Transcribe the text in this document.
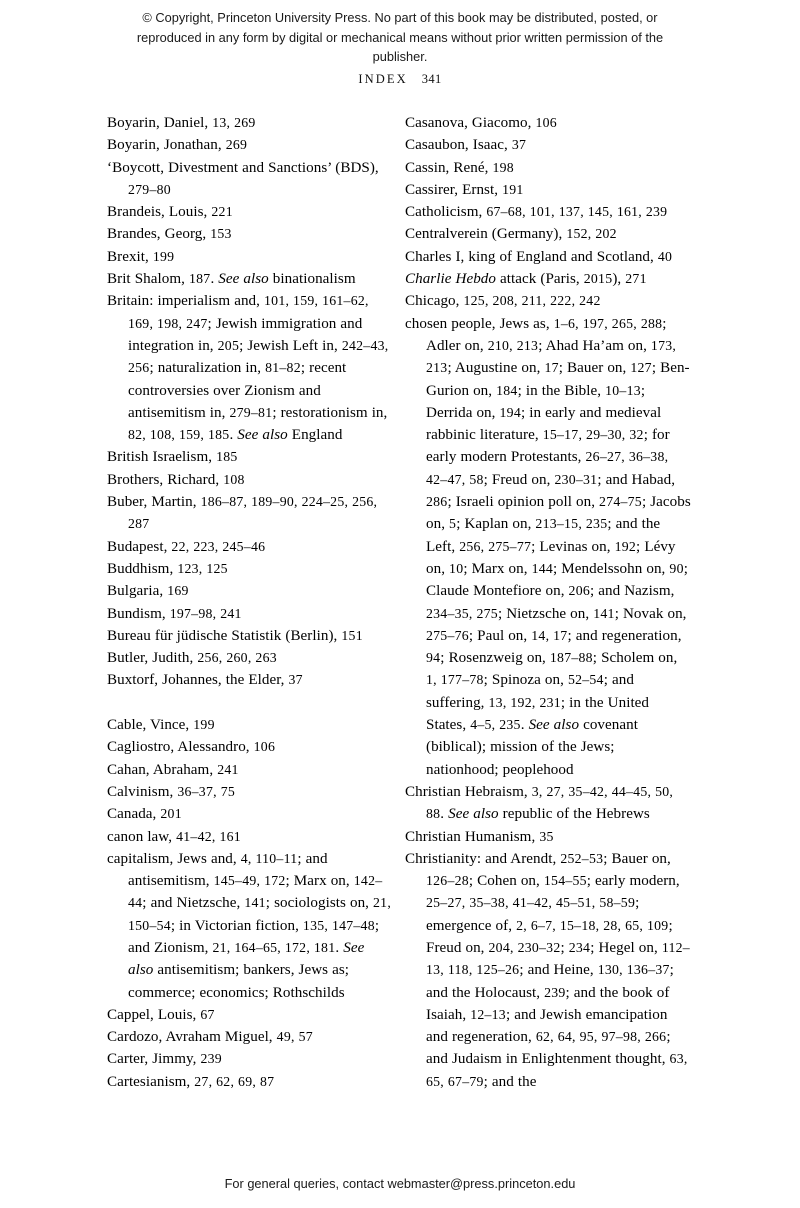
© Copyright, Princeton University Press. No part of this book may be distributed, posted, or reproduced in any form by digital or mechanical means without prior written permission of the publisher.
INDEX 341

Boyarin, Daniel, 13, 269

Boyarin, Jonathan, 269

‘Boycott, Divestment and Sanctions’ (BDS), 279–80

Brandeis, Louis, 221

Brandes, Georg, 153

Brexit, 199

Brit Shalom, 187. See also binationalism

Britain: imperialism and, 101, 159, 161–62, 169, 198, 247; Jewish immigration and integration in, 205; Jewish Left in, 242–43, 256; naturalization in, 81–82; recent controversies over Zionism and antisemitism in, 279–81; restorationism in, 82, 108, 159, 185. See also England

British Israelism, 185

Brothers, Richard, 108

Buber, Martin, 186–87, 189–90, 224–25, 256, 287

Budapest, 22, 223, 245–46

Buddhism, 123, 125

Bulgaria, 169

Bundism, 197–98, 241

Bureau für jüdische Statistik (Berlin), 151

Butler, Judith, 256, 260, 263

Buxtorf, Johannes, the Elder, 37

Cable, Vince, 199

Cagliostro, Alessandro, 106

Cahan, Abraham, 241

Calvinism, 36–37, 75

Canada, 201

canon law, 41–42, 161

capitalism, Jews and, 4, 110–11; and antisemitism, 145–49, 172; Marx on, 142–44; and Nietzsche, 141; sociologists on, 21, 150–54; in Victorian fiction, 135, 147–48; and Zionism, 21, 164–65, 172, 181. See also antisemitism; bankers, Jews as; commerce; economics; Rothschilds

Cappel, Louis, 67

Cardozo, Avraham Miguel, 49, 57

Carter, Jimmy, 239

Cartesianism, 27, 62, 69, 87

Casanova, Giacomo, 106

Casaubon, Isaac, 37

Cassin, René, 198

Cassirer, Ernst, 191

Catholicism, 67–68, 101, 137, 145, 161, 239

Centralverein (Germany), 152, 202

Charles I, king of England and Scotland, 40

Charlie Hebdo attack (Paris, 2015), 271

Chicago, 125, 208, 211, 222, 242

chosen people, Jews as, 1–6, 197, 265, 288; Adler on, 210, 213; Ahad Ha’am on, 173, 213; Augustine on, 17; Bauer on, 127; Ben-Gurion on, 184; in the Bible, 10–13; Derrida on, 194; in early and medieval rabbinic literature, 15–17, 29–30, 32; for early modern Protestants, 26–27, 36–38, 42–47, 58; Freud on, 230–31; and Habad, 286; Israeli opinion poll on, 274–75; Jacobs on, 5; Kaplan on, 213–15, 235; and the Left, 256, 275–77; Levinas on, 192; Lévy on, 10; Marx on, 144; Mendelssohn on, 90; Claude Montefiore on, 206; and Nazism, 234–35, 275; Nietzsche on, 141; Novak on, 275–76; Paul on, 14, 17; and regeneration, 94; Rosenzweig on, 187–88; Scholem on, 1, 177–78; Spinoza on, 52–54; and suffering, 13, 192, 231; in the United States, 4–5, 235. See also covenant (biblical); mission of the Jews; nationhood; peoplehood

Christian Hebraism, 3, 27, 35–42, 44–45, 50, 88. See also republic of the Hebrews

Christian Humanism, 35

Christianity: and Arendt, 252–53; Bauer on, 126–28; Cohen on, 154–55; early modern, 25–27, 35–38, 41–42, 45–51, 58–59; emergence of, 2, 6–7, 15–18, 28, 65, 109; Freud on, 204, 230–32; 234; Hegel on, 112–13, 118, 125–26; and Heine, 130, 136–37; and the Holocaust, 239; and the book of Isaiah, 12–13; and Jewish emancipation and regeneration, 62, 64, 95, 97–98, 266; and Judaism in Enlightenment thought, 63, 65, 67–79; and the

For general queries, contact webmaster@press.princeton.edu
